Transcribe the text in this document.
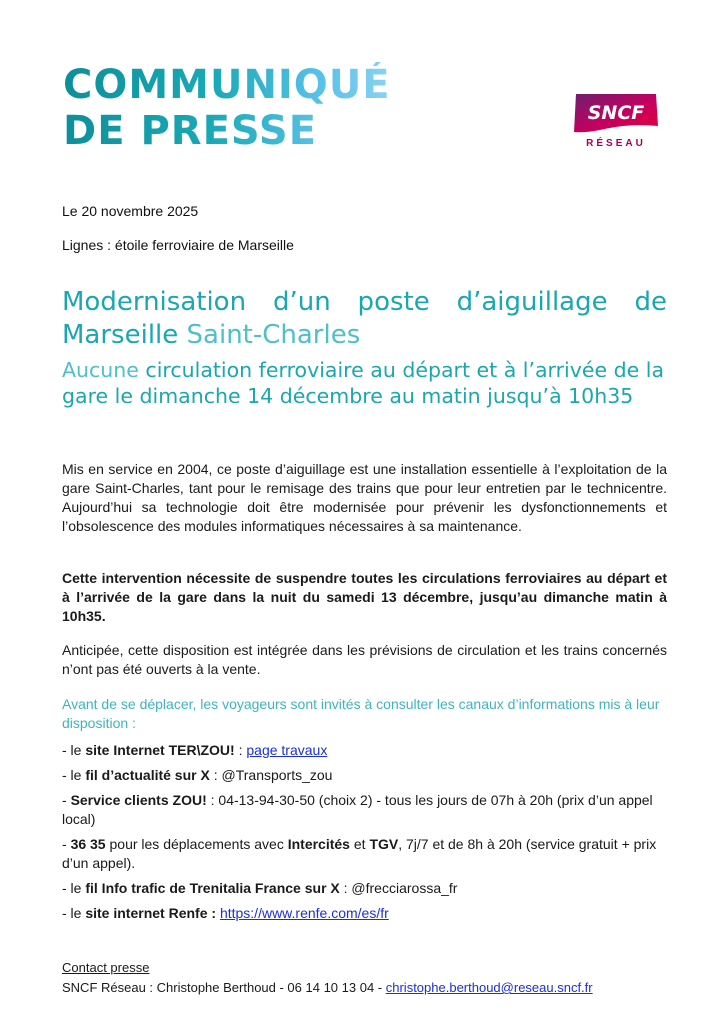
COMMUNIQUÉ
DE PRESSE	SNCF
RÉSEAU
Le 20 novembre 2025
Lignes : étoile ferroviaire de Marseille
Modernisation d’un poste d’aiguillage de Marseille Saint-Charles
Aucune circulation ferroviaire au départ et à l’arrivée de la gare le dimanche 14 décembre au matin jusqu’à 10h35
Mis en service en 2004, ce poste d’aiguillage est une installation essentielle à l’exploitation de la gare Saint-Charles, tant pour le remisage des trains que pour leur entretien par le technicentre. Aujourd’hui sa technologie doit être modernisée pour prévenir les dysfonctionnements et l’obsolescence des modules informatiques nécessaires à sa maintenance.
Cette intervention nécessite de suspendre toutes les circulations ferroviaires au départ et à l’arrivée de la gare dans la nuit du samedi 13 décembre, jusqu’au dimanche matin à 10h35.
Anticipée, cette disposition est intégrée dans les prévisions de circulation et les trains concernés n’ont pas été ouverts à la vente.
Avant de se déplacer, les voyageurs sont invités à consulter les canaux d’informations mis à leur disposition :
- le site Internet TER\ZOU! : page travaux
- le fil d’actualité sur X : @Transports_zou
- Service clients ZOU! : 04-13-94-30-50 (choix 2) - tous les jours de 07h à 20h (prix d’un appel local)
- 36 35 pour les déplacements avec Intercités et TGV, 7j/7 et de 8h à 20h (service gratuit + prix d’un appel).
- le fil Info trafic de Trenitalia France sur X : @frecciarossa_fr
- le site internet Renfe : https://www.renfe.com/es/fr
Contact presse
SNCF Réseau : Christophe Berthoud - 06 14 10 13 04 - christophe.berthoud@reseau.sncf.fr
